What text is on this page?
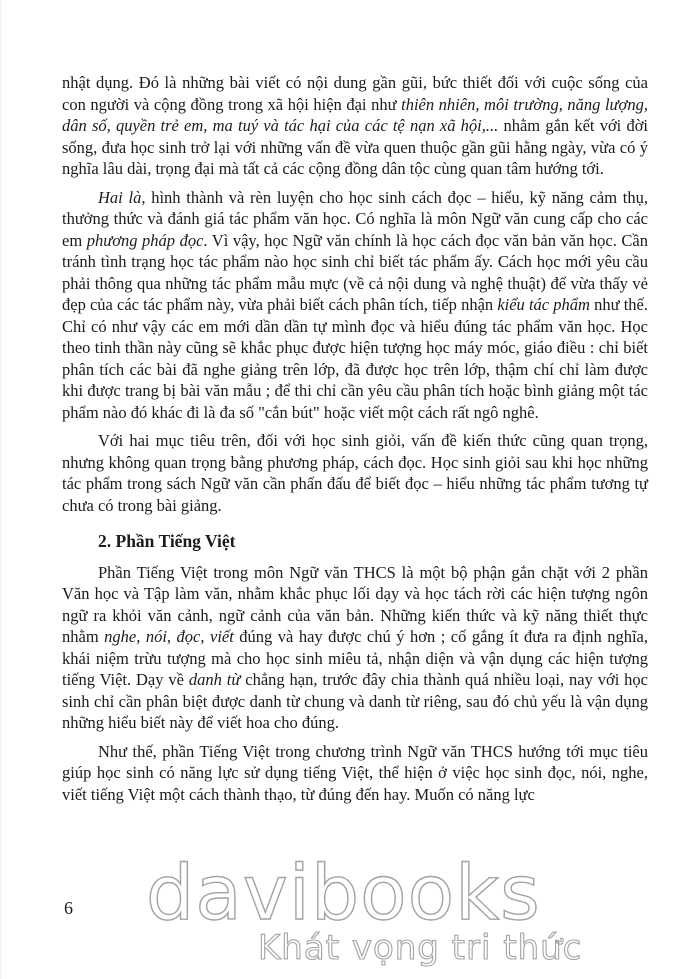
davibooks
Khát vọng tri thức

nhật dụng. Đó là những bài viết có nội dung gần gũi, bức thiết đối với cuộc sống của con người và cộng đồng trong xã hội hiện đại như thiên nhiên, môi trường, năng lượng, dân số, quyền trẻ em, ma tuý và tác hại của các tệ nạn xã hội,... nhằm gắn kết với đời sống, đưa học sinh trở lại với những vấn đề vừa quen thuộc gần gũi hằng ngày, vừa có ý nghĩa lâu dài, trọng đại mà tất cả các cộng đồng dân tộc cùng quan tâm hướng tới.

Hai là, hình thành và rèn luyện cho học sinh cách đọc – hiểu, kỹ năng cảm thụ, thưởng thức và đánh giá tác phẩm văn học. Có nghĩa là môn Ngữ văn cung cấp cho các em phương pháp đọc. Vì vậy, học Ngữ văn chính là học cách đọc văn bản văn học. Cần tránh tình trạng học tác phẩm nào học sinh chỉ biết tác phẩm ấy. Cách học mới yêu cầu phải thông qua những tác phẩm mẫu mực (về cả nội dung và nghệ thuật) để vừa thấy vẻ đẹp của các tác phẩm này, vừa phải biết cách phân tích, tiếp nhận kiểu tác phẩm như thế. Chỉ có như vậy các em mới dần dần tự mình đọc và hiểu đúng tác phẩm văn học. Học theo tinh thần này cũng sẽ khắc phục được hiện tượng học máy móc, giáo điều : chỉ biết phân tích các bài đã nghe giảng trên lớp, đã được học trên lớp, thậm chí chỉ làm được khi được trang bị bài văn mẫu ; để thi chỉ cần yêu cầu phân tích hoặc bình giảng một tác phẩm nào đó khác đi là đa số "cắn bút" hoặc viết một cách rất ngô nghê.

Với hai mục tiêu trên, đối với học sinh giỏi, vấn đề kiến thức cũng quan trọng, nhưng không quan trọng bằng phương pháp, cách đọc. Học sinh giỏi sau khi học những tác phẩm trong sách Ngữ văn cần phấn đấu để biết đọc – hiểu những tác phẩm tương tự chưa có trong bài giảng.

2. Phần Tiếng Việt

Phần Tiếng Việt trong môn Ngữ văn THCS là một bộ phận gắn chặt với 2 phần Văn học và Tập làm văn, nhằm khắc phục lối dạy và học tách rời các hiện tượng ngôn ngữ ra khỏi văn cảnh, ngữ cảnh của văn bản. Những kiến thức và kỹ năng thiết thực nhằm nghe, nói, đọc, viết đúng và hay được chú ý hơn ; cố gắng ít đưa ra định nghĩa, khái niệm trừu tượng mà cho học sinh miêu tả, nhận diện và vận dụng các hiện tượng tiếng Việt. Dạy về danh từ chẳng hạn, trước đây chia thành quá nhiều loại, nay với học sinh chỉ cần phân biệt được danh từ chung và danh từ riêng, sau đó chủ yếu là vận dụng những hiểu biết này để viết hoa cho đúng.

Như thế, phần Tiếng Việt trong chương trình Ngữ văn THCS hướng tới mục tiêu giúp học sinh có năng lực sử dụng tiếng Việt, thể hiện ở việc học sinh đọc, nói, nghe, viết tiếng Việt một cách thành thạo, từ đúng đến hay. Muốn có năng lực

6
